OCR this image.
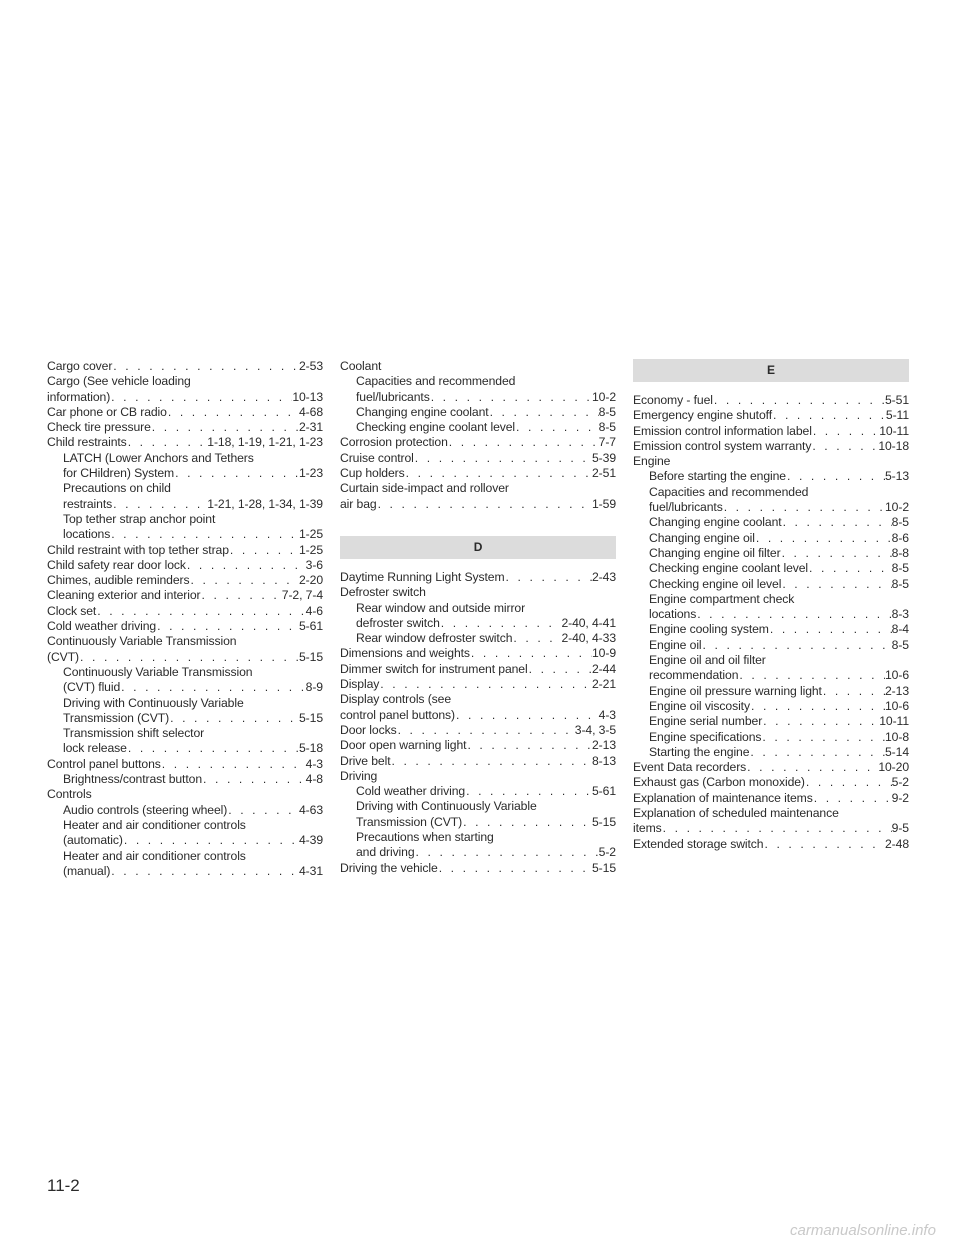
Cargo cover . . .	2-53
Cargo (See vehicle loading
information) . . .	10-13
Car phone or CB radio . . .	4-68
Check tire pressure . . .	2-31
Child restraints . . .	1-18, 1-19, 1-21, 1-23
LATCH (Lower Anchors and Tethers
for CHildren) System . . .	1-23
Precautions on child
restraints . . .	1-21, 1-28, 1-34, 1-39
Top tether strap anchor point
locations . . .	1-25
Child restraint with top tether strap . . .	1-25
Child safety rear door lock . . .	3-6
Chimes, audible reminders . . .	2-20
Cleaning exterior and interior . . .	7-2, 7-4
Clock set . . .	4-6
Cold weather driving . . .	5-61
Continuously Variable Transmission
(CVT) . . .	5-15
Continuously Variable Transmission
(CVT) fluid . . .	8-9
Driving with Continuously Variable
Transmission (CVT) . . .	5-15
Transmission shift selector
lock release . . .	5-18
Control panel buttons . . .	4-3
Brightness/contrast button . . .	4-8
Controls
Audio controls (steering wheel) . . .	4-63
Heater and air conditioner controls
(automatic) . . .	4-39
Heater and air conditioner controls
(manual) . . .	4-31
Coolant
Capacities and recommended
fuel/lubricants . . .	10-2
Changing engine coolant . . .	8-5
Checking engine coolant level . . .	8-5
Corrosion protection . . .	7-7
Cruise control . . .	5-39
Cup holders . . .	2-51
Curtain side-impact and rollover
air bag . . .	1-59
D
Daytime Running Light System . . .	2-43
Defroster switch
Rear window and outside mirror
defroster switch . . .	2-40, 4-41
Rear window defroster switch . . .	2-40, 4-33
Dimensions and weights . . .	10-9
Dimmer switch for instrument panel . . .	2-44
Display . . .	2-21
Display controls (see
control panel buttons) . . .	4-3
Door locks . . .	3-4, 3-5
Door open warning light . . .	2-13
Drive belt . . .	8-13
Driving
Cold weather driving . . .	5-61
Driving with Continuously Variable
Transmission (CVT) . . .	5-15
Precautions when starting
and driving . . .	5-2
Driving the vehicle . . .	5-15
E
Economy - fuel . . .	5-51
Emergency engine shutoff . . .	5-11
Emission control information label . . .	10-11
Emission control system warranty . . .	10-18
Engine
Before starting the engine . . .	5-13
Capacities and recommended
fuel/lubricants . . .	10-2
Changing engine coolant . . .	8-5
Changing engine oil . . .	8-6
Changing engine oil filter . . .	8-8
Checking engine coolant level . . .	8-5
Checking engine oil level . . .	8-5
Engine compartment check
locations . . .	8-3
Engine cooling system . . .	8-4
Engine oil . . .	8-5
Engine oil and oil filter
recommendation . . .	10-6
Engine oil pressure warning light . . .	2-13
Engine oil viscosity . . .	10-6
Engine serial number . . .	10-11
Engine specifications . . .	10-8
Starting the engine . . .	5-14
Event Data recorders . . .	10-20
Exhaust gas (Carbon monoxide) . . .	5-2
Explanation of maintenance items . . .	9-2
Explanation of scheduled maintenance
items . . .	9-5
Extended storage switch . . .	2-48
11-2
carmanualsonline.info
